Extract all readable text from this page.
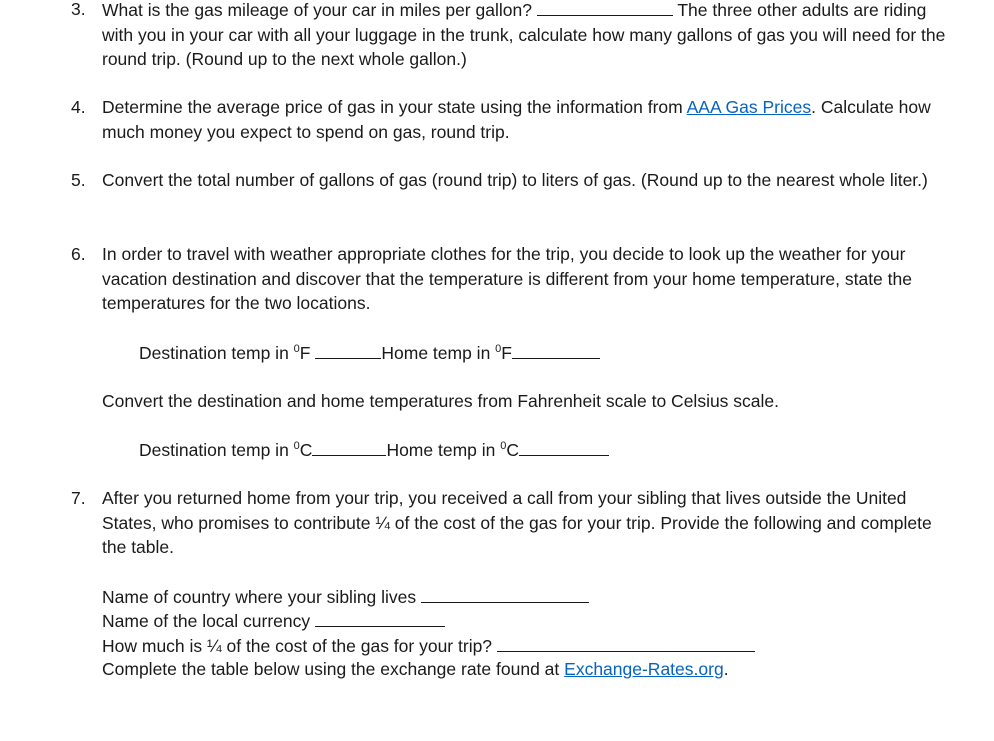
3. What is the gas mileage of your car in miles per gallon?	The three other adults are riding with you in your car with all your luggage in the trunk, calculate how many gallons of gas you will need for the round trip. (Round up to the next whole gallon.)
4. Determine the average price of gas in your state using the information from AAA Gas Prices. Calculate how much money you expect to spend on gas, round trip.
5. Convert the total number of gallons of gas (round trip) to liters of gas. (Round up to the nearest whole liter.)
6. In order to travel with weather appropriate clothes for the trip, you decide to look up the weather for your vacation destination and discover that the temperature is different from your home temperature, state the temperatures for the two locations.
Destination temp in $^0$F	Home temp in $^0$F
Convert the destination and home temperatures from Fahrenheit scale to Celsius scale.
Destination temp in $^0$C	Home temp in $^0$C
7. After you returned home from your trip, you received a call from your sibling that lives outside the United States, who promises to contribute ¼ of the cost of the gas for your trip. Provide the following and complete the table.
Name of country where your sibling lives
Name of the local currency
How much is ¼ of the cost of the gas for your trip?
Complete the table below using the exchange rate found at Exchange-Rates.org.
